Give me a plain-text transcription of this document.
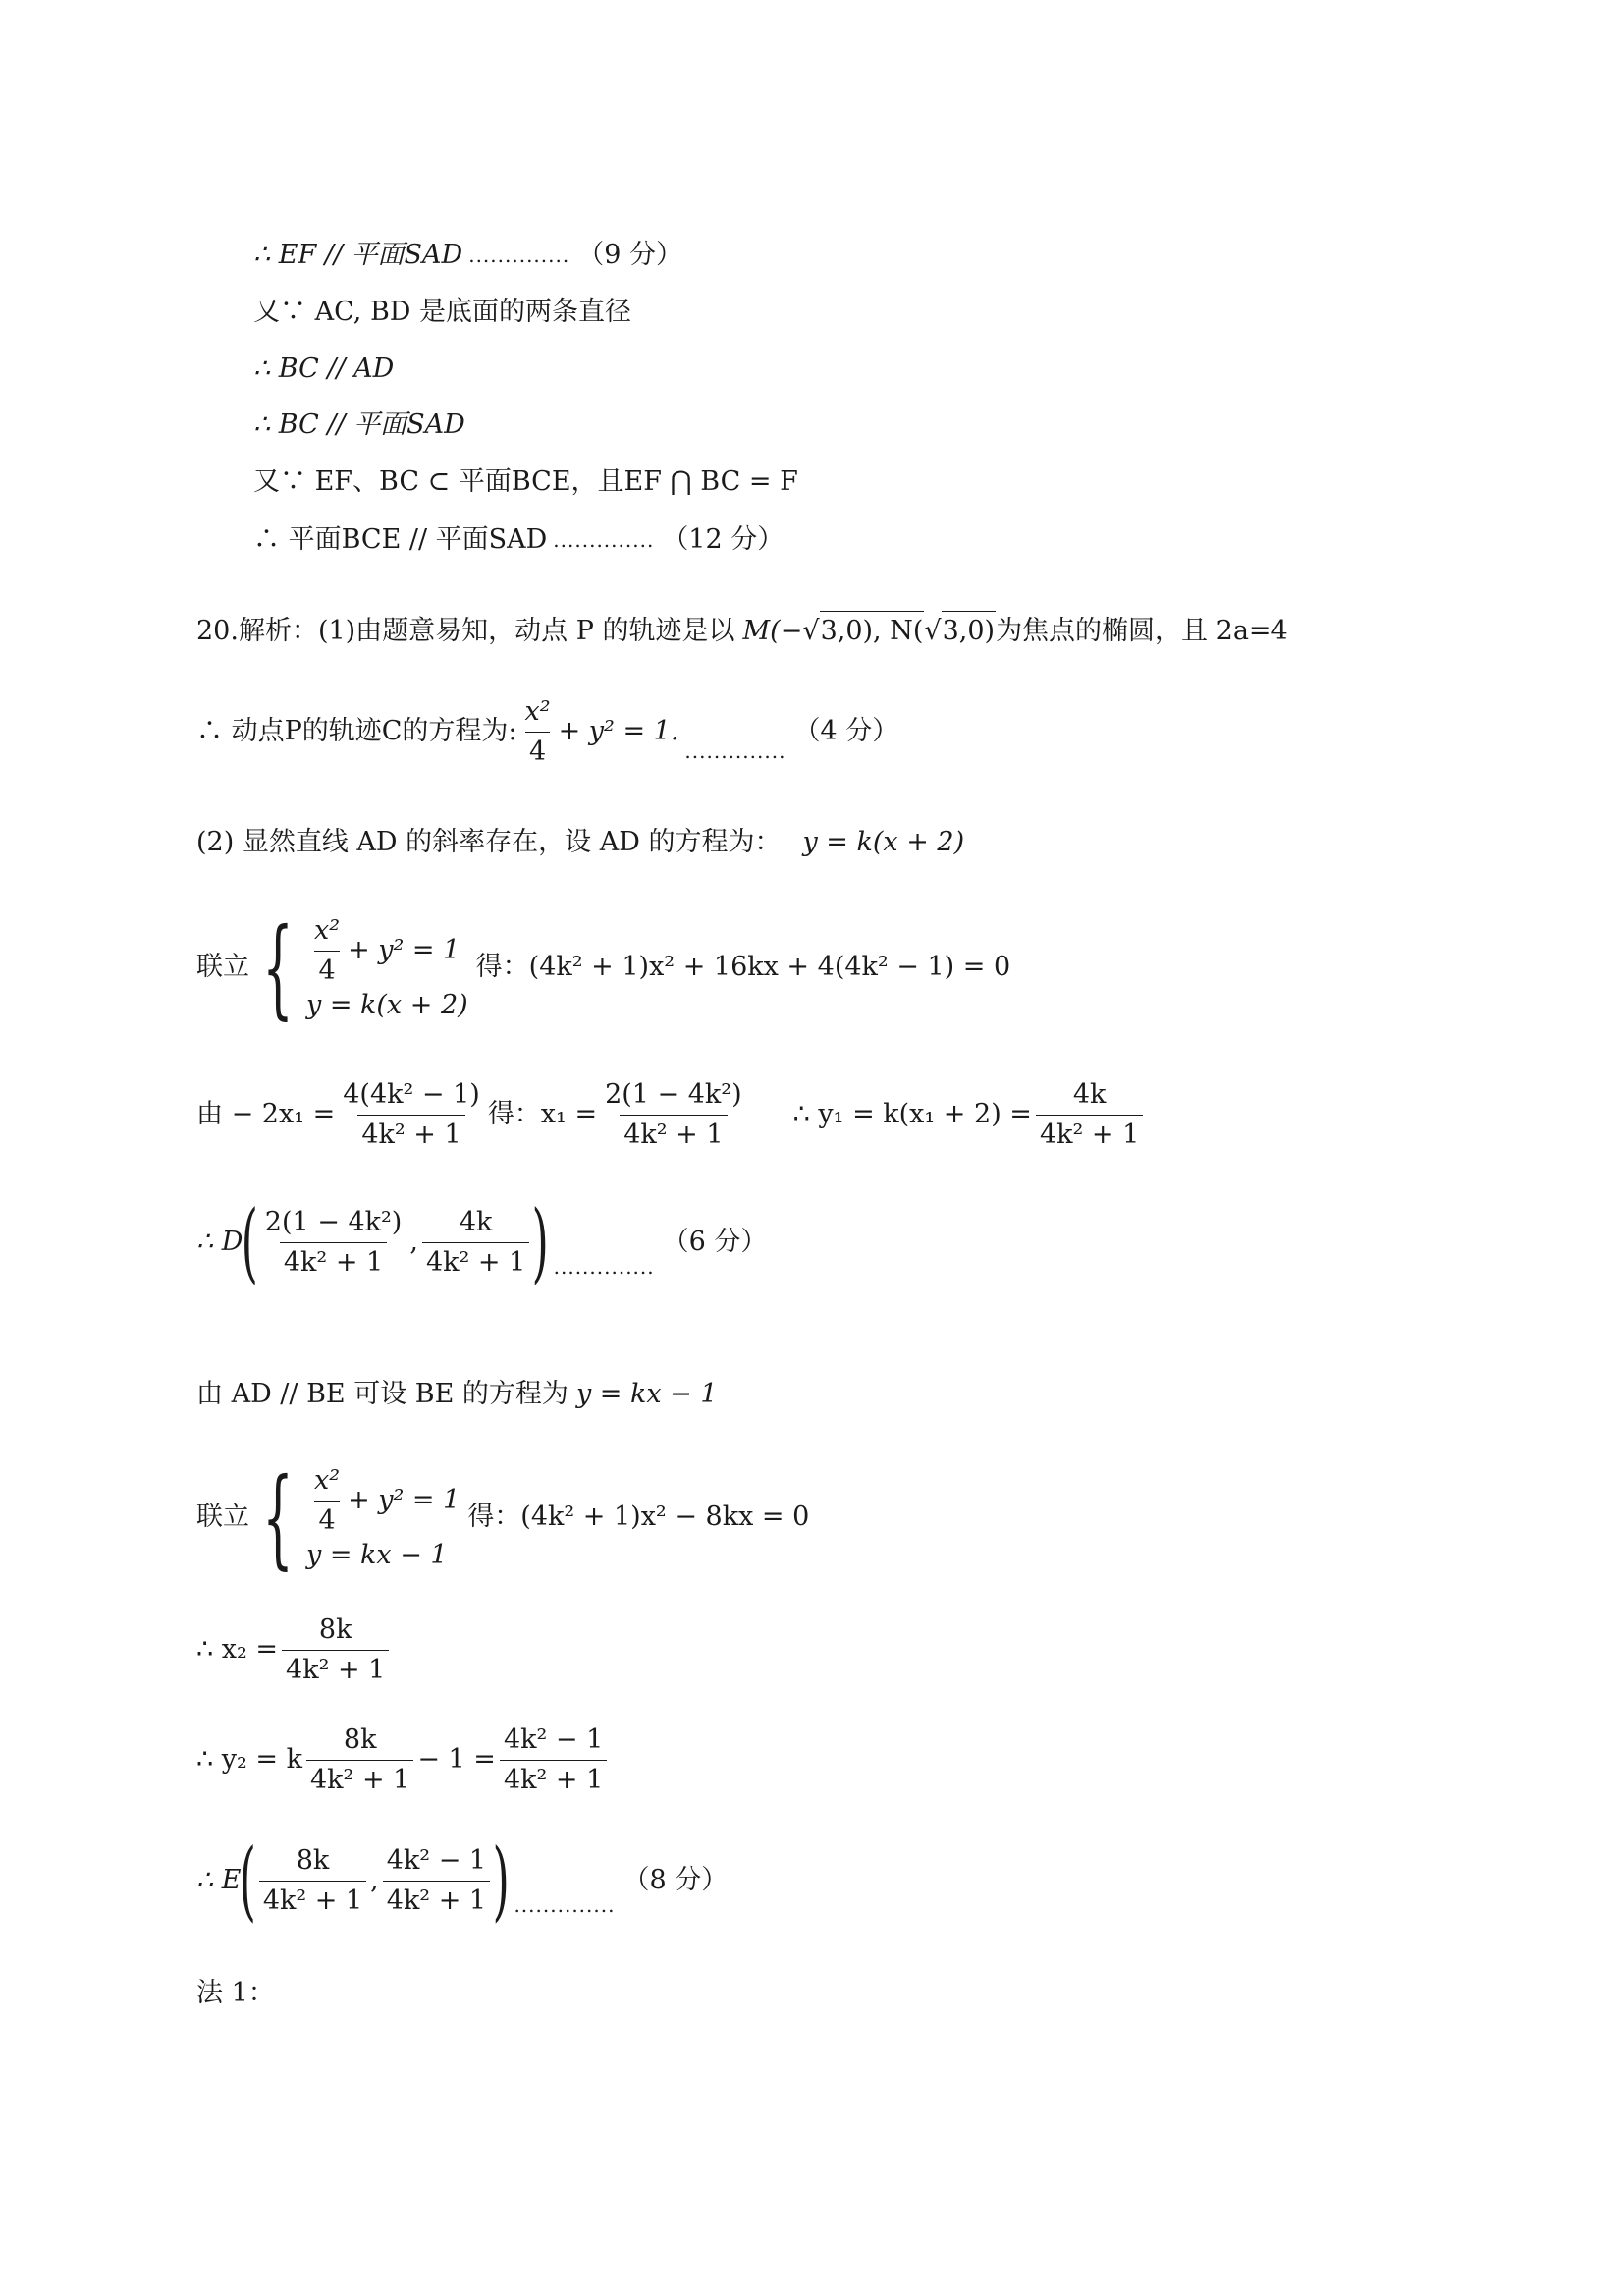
∴ EF // 平面SAD .............. （9 分）
又∵ AC, BD 是底面的两条直径
∴ BC // AD
∴ BC // 平面SAD
又∵ EF、BC ⊂ 平面BCE，且EF ⋂ BC = F
∴ 平面BCE // 平面SAD .............. （12 分）
20.解析：(1)由题意易知，动点 P 的轨迹是以 M(− √ 3,0), N( √ 3,0) 为焦点的椭圆，且 2a=4
∴ 动点P的轨迹C的方程为: $\frac{\text{x²}}{4} + y^2 = 1$.
..............
（4 分）
(2) 显然直线 AD 的斜率存在，设 AD 的方程为： y = k(x + 2)
联立 { $\frac{\text{x²}}{4} + y^2 = 1$
y = k(x + 2)
得：(4k² + 1)x² + 16kx + 4(4k² − 1) = 0
由 − $2x_1 = \frac{\text{4(4k² − 1)}}{\text{4k² + 1}}$ 得：$x_1 = \frac{\text{2(1 − 4k²)}}{\text{4k² + 1}}$ ∴ $y_1 = k(x_1 + 2) = \frac{4k}{\text{4k² + 1}}$
∴ D
( $\frac{\text{2(1 − 4k²)}}{\text{4k² + 1}}$ , $\frac{4k}{\text{4k² + 1}}$ ) ..............
（6 分）
由 AD // BE 可设 BE 的方程为 y = kx − 1
联立 { $\frac{\text{x²}}{4} + y^2 = 1$
y = kx − 1
得：(4k² + 1)x² − 8kx = 0
∴ $x_2 = \frac{8k}{\text{4k² + 1}}$
∴ y₂ = k $\frac{8k}{\text{4k² + 1}} - 1 = \frac{\text{4k² − 1}}{\text{4k² + 1}}$
∴ E
( $\frac{8k}{\text{4k² + 1}}$ , $\frac{\text{4k² − 1}}{\text{4k² + 1}}$ ) ..............
（8 分）
法 1：
